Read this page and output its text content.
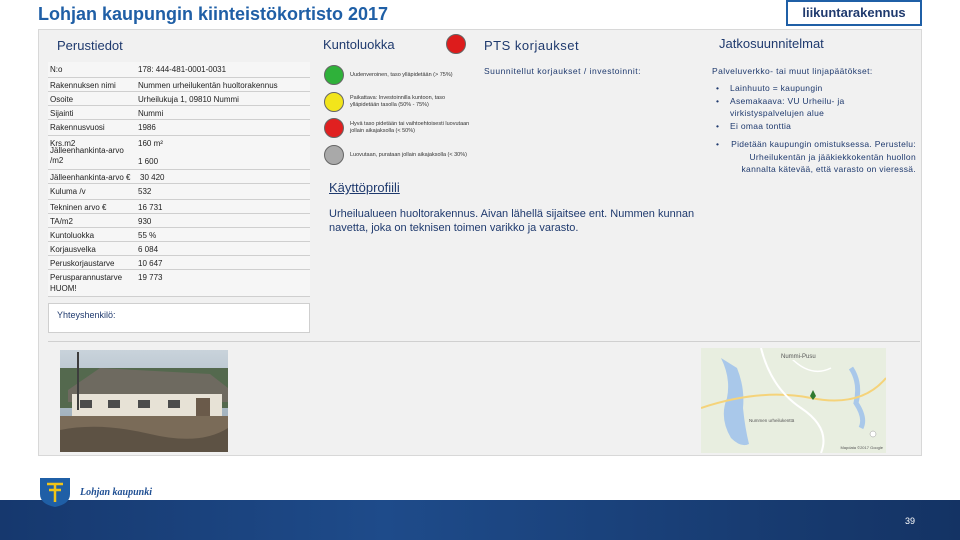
Lohjan kaupungin kiinteistökortisto 2017	liikuntarakennus
Perustiedot	Kuntoluokka	PTS korjaukset	Jatkosuunnitelmat
N:o	178: 444-481-0001-0031
Rakennuksen nimi	Nummen urheilukentän huoltorakennus
Osoite	Urheilukuja 1, 09810 Nummi
Sijainti	Nummi
Rakennusvuosi	1986
Krs.m2	160 m²
Jälleenhankinta-arvo /m2	1 600
Jälleenhankinta-arvo €	30 420
Kuluma /v	532
Tekninen arvo €	16 731
TA/m2	930
Kuntoluokka	55 %
Korjausvelka	6 084
Peruskorjaustarve	10 647
Perusparannustarve	19 773
HUOM!
Yhteyshenkilö:
Uudenveroinen, taso ylläpidetään (> 75%)
Paikattava: Investoinnilla kuntoon, taso ylläpidetään tasolla (50% - 75%)
Hyvä taso pidetään tai vaihtoehtoisesti luovutaan jollain aikajaksolla (< 50%)
Luovutaan, purataan jollain aikajaksolla (< 30%)
Käyttöprofiili
Urheilualueen huoltorakennus. Aivan lähellä sijaitsee ent. Nummen kunnan navetta, joka on teknisen toimen varikko ja varasto.
Suunnitellut korjaukset / investoinnit:	Palveluverkko- tai muut linjapäätökset:
•	Lainhuuto = kaupungin
•	Asemakaava: VU Urheilu- ja virkistyspalvelujen alue
•	Ei omaa tonttia
•	Pidetään kaupungin omistuksessa. Perustelu: Urheilukentän ja jääkiekkokentän huollon kannalta kätevää, että varasto on vieressä.
Nummi-Pusu
Nummen urheilukenttä
Mapdata ©2017 Google
Lohjan kaupunki
39
